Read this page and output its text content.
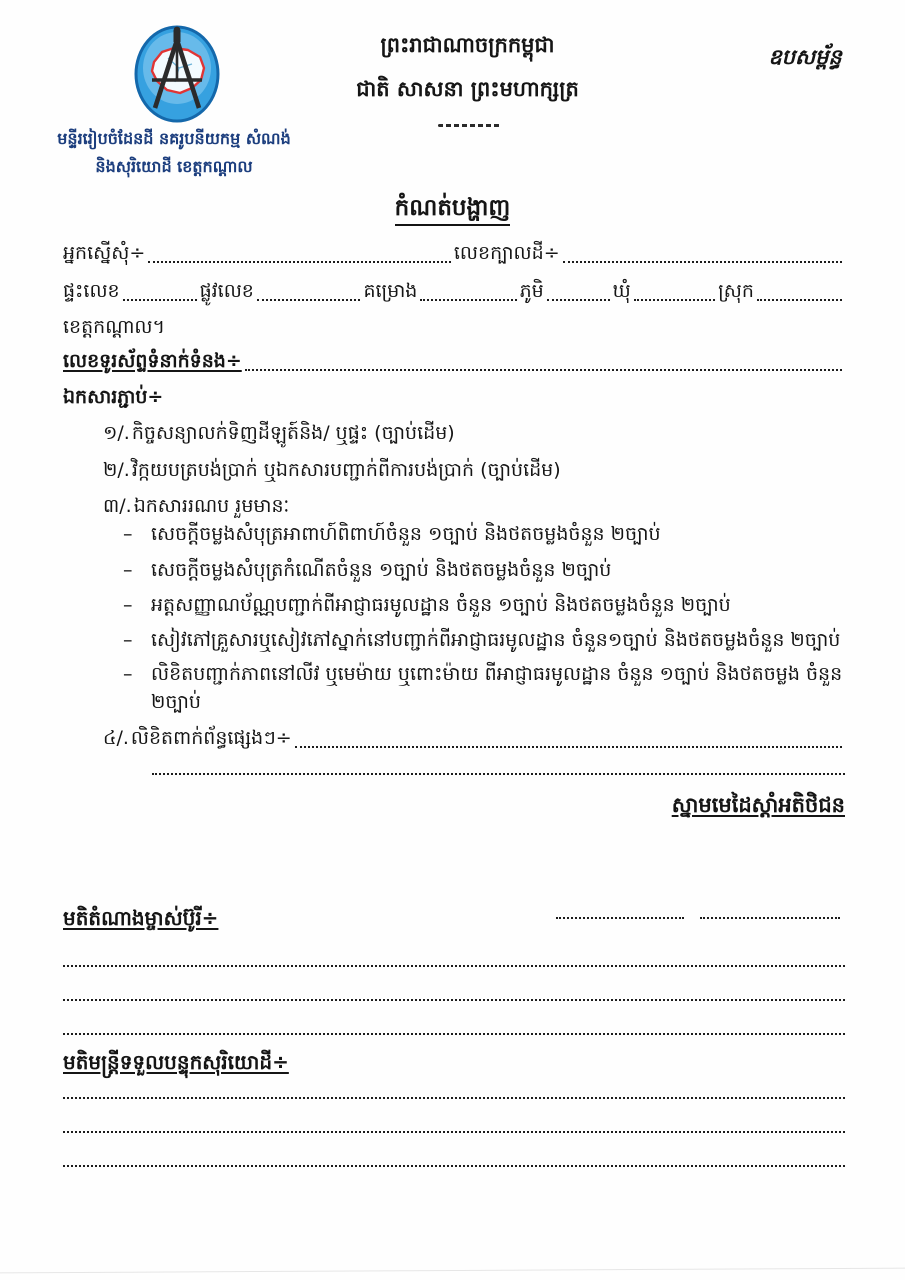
ព្រះរាជាណាចក្រកម្ពុជា
ជាតិ សាសនា ព្រះមហាក្សត្រ
ឧបសម្ព័ន្ធ
មន្ទីររៀបចំដែនដី នគរូបនីយកម្ម សំណង់
និងសុរិយោដី ខេត្តកណ្តាល
កំណត់បង្ហាញ
អ្នកស្នើសុំ÷	លេខក្បាលដី÷
ផ្ទះលេខ	ផ្លូវលេខ	គម្រោង	ភូមិ	ឃុំ	ស្រុក
ខេត្តកណ្តាល។
លេខទូរស័ព្ទទំនាក់ទំនង÷
ឯកសារភ្ជាប់÷
១/. កិច្ចសន្យាលក់ទិញដីឡូត៍និង/ ឬផ្ទះ (ច្បាប់ដើម)
២/. វិក្កយបត្របង់ប្រាក់ ឬឯកសារបញ្ជាក់ពីការបង់ប្រាក់ (ច្បាប់ដើម)
៣/. ឯកសាររណប រួមមានៈ
– សេចក្តីចម្លងសំបុត្រអាពាហ៍ពិពាហ៍ចំនួន ១ច្បាប់ និងថតចម្លងចំនួន ២ច្បាប់
– សេចក្តីចម្លងសំបុត្រកំណើតចំនួន ១ច្បាប់ និងថតចម្លងចំនួន ២ច្បាប់
– អត្តសញ្ញាណប័ណ្ណបញ្ជាក់ពីអាជ្ញាធរមូលដ្ឋាន ចំនួន ១ច្បាប់ និងថតចម្លងចំនួន ២ច្បាប់
– សៀវភៅគ្រួសារឬសៀវភៅស្នាក់នៅបញ្ជាក់ពីអាជ្ញាធរមូលដ្ឋាន ចំនួន១ច្បាប់ និងថតចម្លងចំនួន ២ច្បាប់
– លិខិតបញ្ជាក់ភាពនៅលីវ ឬមេម៉ាយ ឬពោះម៉ាយ ពីអាជ្ញាធរមូលដ្ឋាន ចំនួន ១ច្បាប់ និងថតចម្លង ចំនួន ២ច្បាប់
៤/. លិខិតពាក់ព័ន្ធផ្សេងៗ÷
ស្នាមមេដៃស្តាំអតិថិជន
មតិតំណាងម្ចាស់ប៊ូរី÷
មតិមន្ត្រីទទួលបន្ទុកសុរិយោដី÷
